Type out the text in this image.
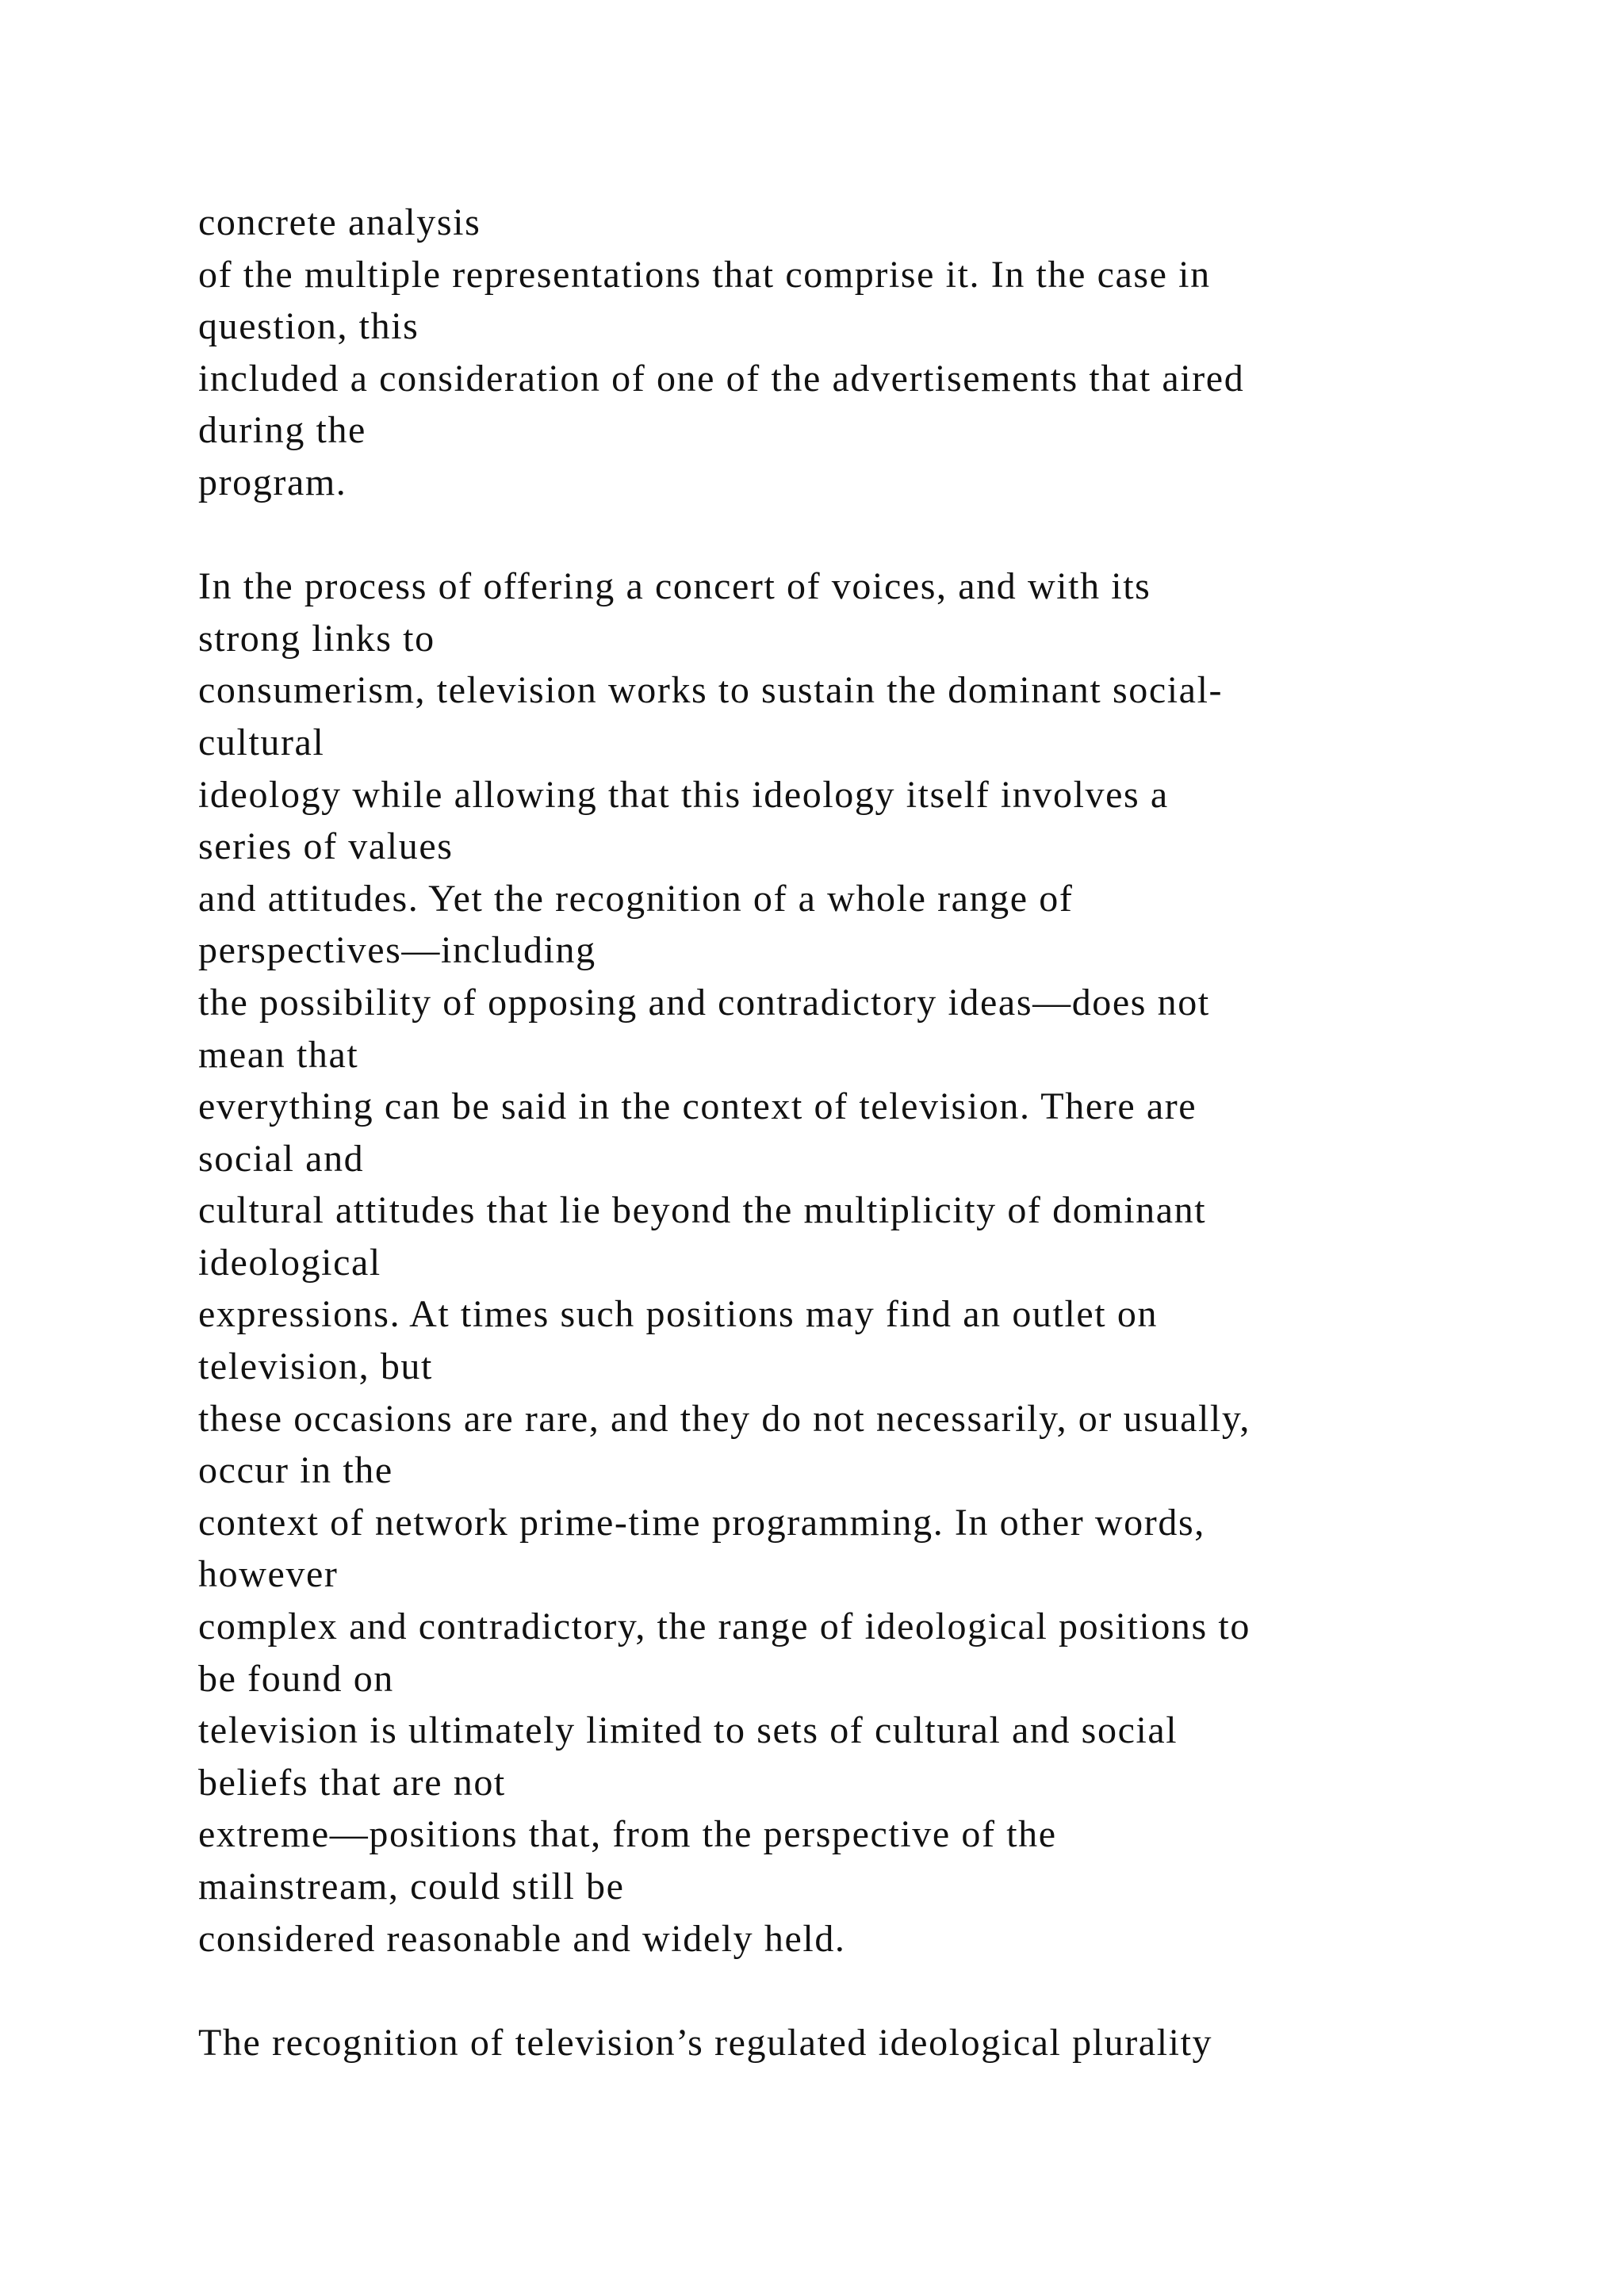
concrete analysis
of the multiple representations that comprise it. In the case in
question, this
included a consideration of one of the advertisements that aired
during the
program.
In the process of offering a concert of voices, and with its
strong links to
consumerism, television works to sustain the dominant social-
cultural
ideology while allowing that this ideology itself involves a
series of values
and attitudes. Yet the recognition of a whole range of
perspectives—including
the possibility of opposing and contradictory ideas—does not
mean that
everything can be said in the context of television. There are
social and
cultural attitudes that lie beyond the multiplicity of dominant
ideological
expressions. At times such positions may find an outlet on
television, but
these occasions are rare, and they do not necessarily, or usually,
occur in the
context of network prime-time programming. In other words,
however
complex and contradictory, the range of ideological positions to
be found on
television is ultimately limited to sets of cultural and social
beliefs that are not
extreme—positions that, from the perspective of the
mainstream, could still be
considered reasonable and widely held.
The recognition of television’s regulated ideological plurality
